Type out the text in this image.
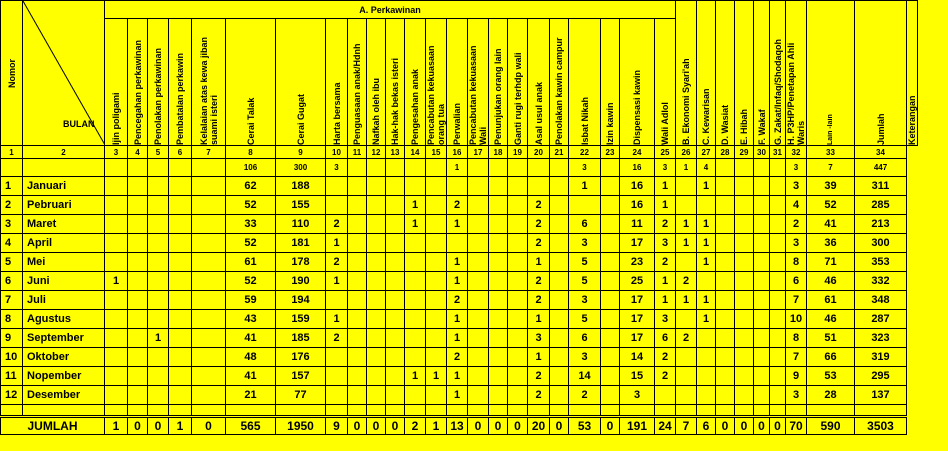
Nomor	BULAN	A. Perkawinan																							B. Ekonomi Syari'ah	C. Kewarisan	D. Wasiat	E. Hibah	F. Wakaf	G. Zakat/Infaq/Shodaqoh	H. P3HP/Penetapan Ahli Waris	Lain -lain	Jumlah	Keterangan

		Ijin poligami	Pencegahan perkawinan	Penolakan perkawinan	Pembatalan perkawin	Kelalaian atas kewa jiban suami isteri	Cerai Talak	Cerai Gugat	Harta bersama	Penguasaan anak/Hdnh	Nafkah oleh ibu	Hak-hak bekas isteri	Pengesahan anak	Pencabutan kekuasaan orang tua	Perwalian	Pencabutan kekuasaan Wali	Penunjukan orang lain	Ganti rugi terhdp wali	Asal usul anak	Penolakan kawin campur	Isbat Nikah	Izin kawin	Dispensasi kawin	Wali Adlol										

1	2	3	4	5	6	7	8	9	10	11	12	13	14	15	16	17	18	19	20	21	22	23	24	25	26	27	28	29	30	31	32	33	34	
							106	300	3						1						3		16	3	1	4					3	7	447	
1	Januari						62	188													1		16	1		1					3	39	311	
2	Pebruari						52	155					1		2				2				16	1							4	52	285	
3	Maret						33	110	2				1		1				2		6		11	2	1	1					2	41	213	
4	April						52	181	1										2		3		17	3	1	1					3	36	300	
5	Mei						61	178	2						1				1		5		23	2		1					8	71	353	
6	Juni	1					52	190	1						1				2		5		25	1	2						6	46	332	
7	Juli						59	194							2				2		3		17	1	1	1					7	61	348	
8	Agustus						43	159	1						1				1		5		17	3		1					10	46	287	
9	September			1			41	185	2						1				3		6		17	6	2						8	51	323	
10	Oktober						48	176							2				1		3		14	2							7	66	319	
11	Nopember						41	157					1	1	1				2		14		15	2							9	53	295	
12	Desember						21	77							1				2		2		3								3	28	137	

JUMLAH		1	0	0	1	0	565	1950	9	0	0	0	2	1	13	0	0	0	20	0	53	0	191	24	7	6	0	0	0	0	70	590	3503	
